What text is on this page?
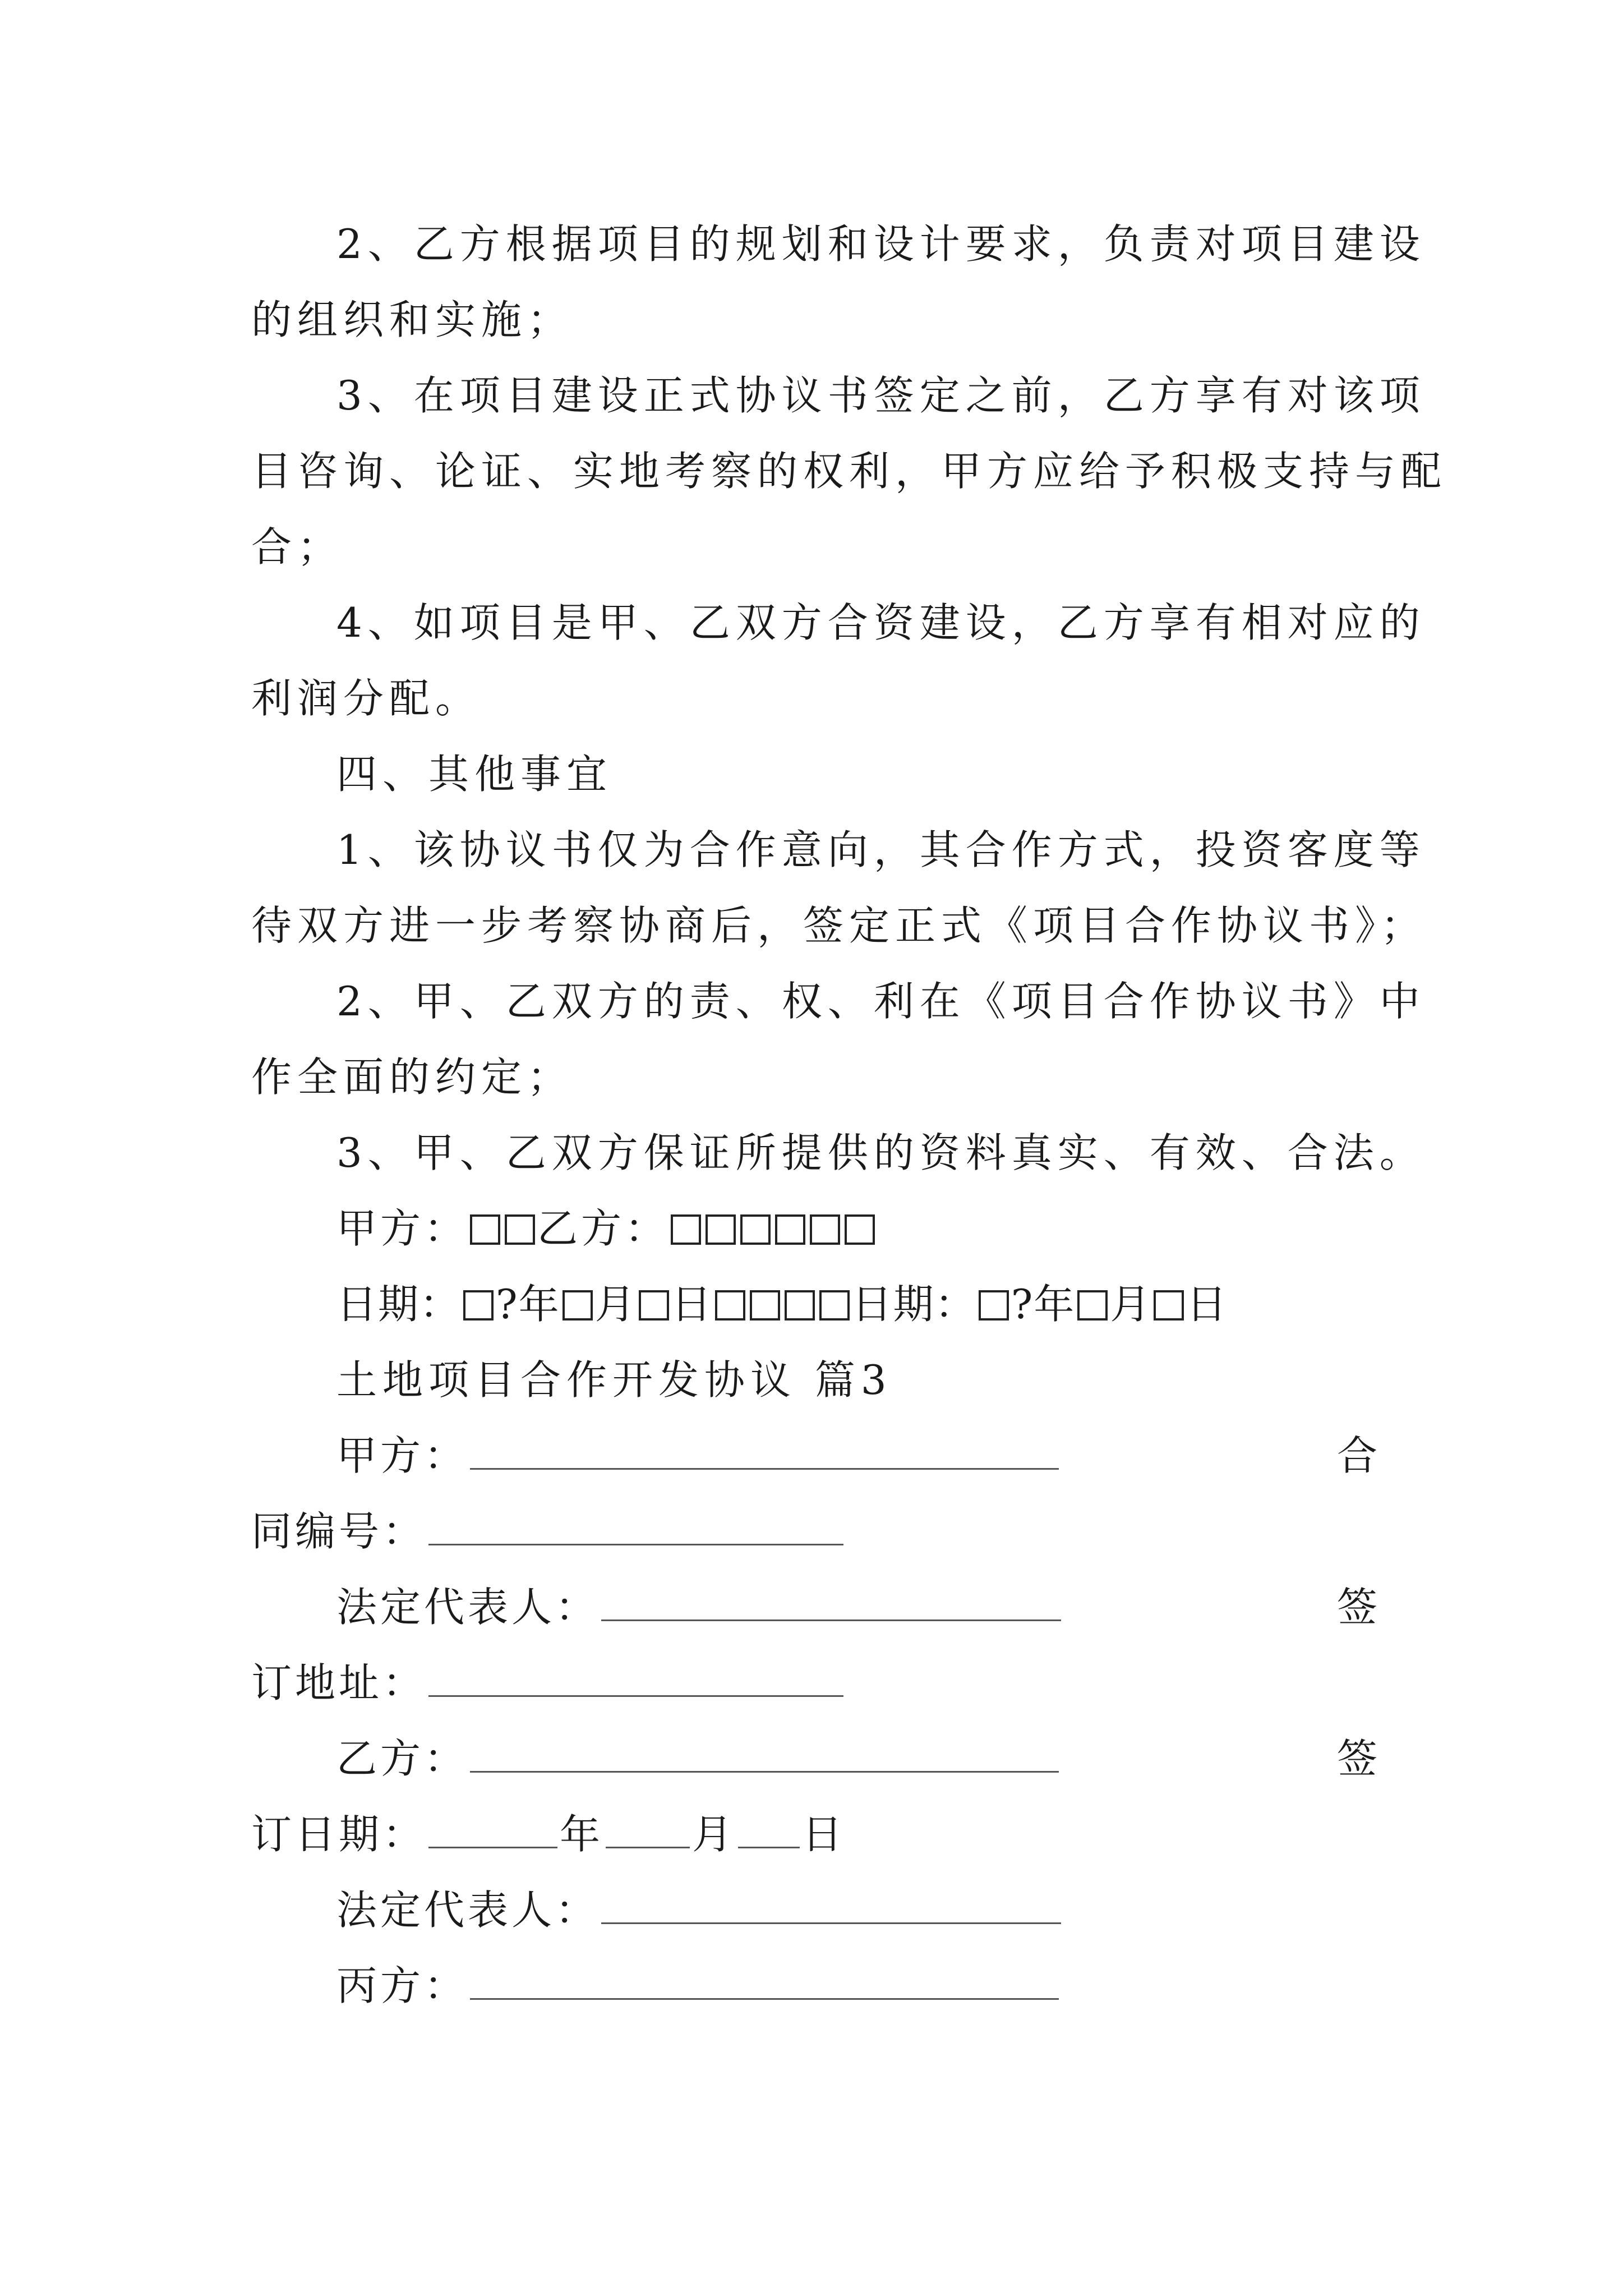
2、乙方根据项目的规划和设计要求，负责对项目建设
的组织和实施；
3、在项目建设正式协议书签定之前，乙方享有对该项
目咨询、论证、实地考察的权利，甲方应给予积极支持与配
合；
4、如项目是甲、乙双方合资建设，乙方享有相对应的
利润分配。
四、其他事宜
1、该协议书仅为合作意向，其合作方式，投资客度等
待双方进一步考察协商后，签定正式《项目合作协议书》；
2、甲、乙双方的责、权、利在《项目合作协议书》中
作全面的约定；
3、甲、乙双方保证所提供的资料真实、有效、合法。
甲方： 乙方：
日期： ?年 月 日	日期： ?年 月 日
土地项目合作开发协议 篇3
甲方：	合
同编号：
法定代表人：	签
订地址：
乙方：	签
订日期：	年 月 日
法定代表人：
丙方：
